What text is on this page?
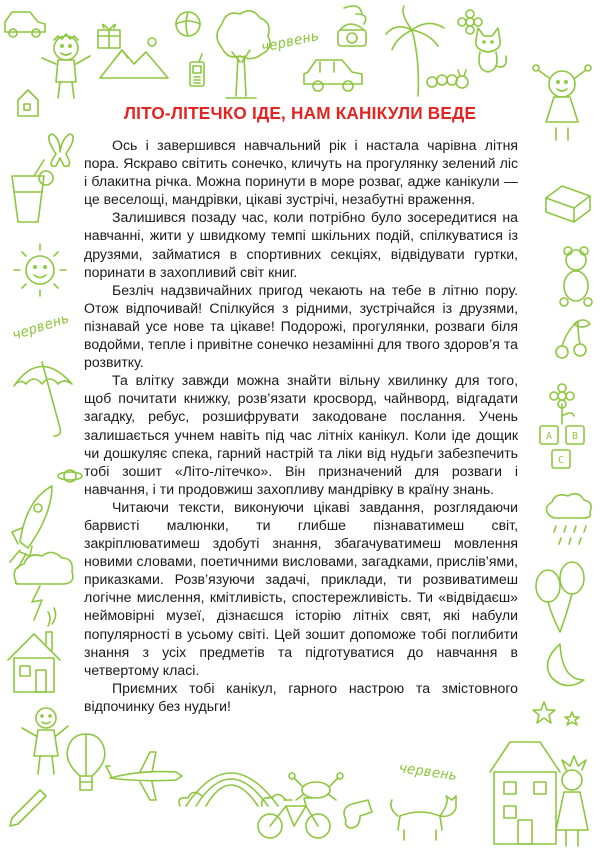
червень
червень
червень
A B
C
ЛІТО-ЛІТЕЧКО ІДЕ, НАМ КАНІКУЛИ ВЕДЕ

Ось і завершився навчальний рік і настала чарівна літня пора. Яскраво світить сонечко, кличуть на прогулянку зелений ліс і блакитна річка. Можна поринути в море розваг, адже канікули — це веселощі, мандрівки, цікаві зустрічі, незабутні враження.

Залишився позаду час, коли потрібно було зосередитися на навчанні, жити у швидкому темпі шкільних подій, спілкуватися із друзями, займатися в спортивних секціях, відвідувати гуртки, поринати в захопливий світ книг.

Безліч надзвичайних пригод чекають на тебе в літню пору. Отож відпочивай! Спілкуйся з рідними, зустрічайся із друзями, пізнавай усе нове та цікаве! Подорожі, прогулянки, розваги біля водойми, тепле і привітне сонечко незамінні для твого здоров’я та розвитку.

Та влітку завжди можна знайти вільну хвилинку для того, щоб почитати книжку, розв’язати кросворд, чайнворд, відгадати загадку, ребус, розшифрувати закодоване послання. Учень залишається учнем навіть під час літніх канікул. Коли іде дощик чи дошкуляє спека, гарний настрій та ліки від нудьги забезпечить тобі зошит «Літо-літечко». Він призначений для розваги і навчання, і ти продовжиш захопливу мандрівку в країну знань.

Читаючи тексти, виконуючи цікаві завдання, розглядаючи барвисті малюнки, ти глибше пізнаватимеш світ, закріплюватимеш здобуті знання, збагачуватимеш мовлення новими словами, поетичними висловами, загадками, прислів’ями, приказками. Розв’язуючи задачі, приклади, ти розвиватимеш логічне мислення, кмітливість, спостережливість. Ти «відвідаєш» неймовірні музеї, дізнаєшся історію літніх свят, які набули популярності в усьому світі. Цей зошит допоможе тобі поглибити знання з усіх предметів та підготуватися до навчання в четвертому класі.

Приємних тобі канікул, гарного настрою та змістовного відпочинку без нудьги!
